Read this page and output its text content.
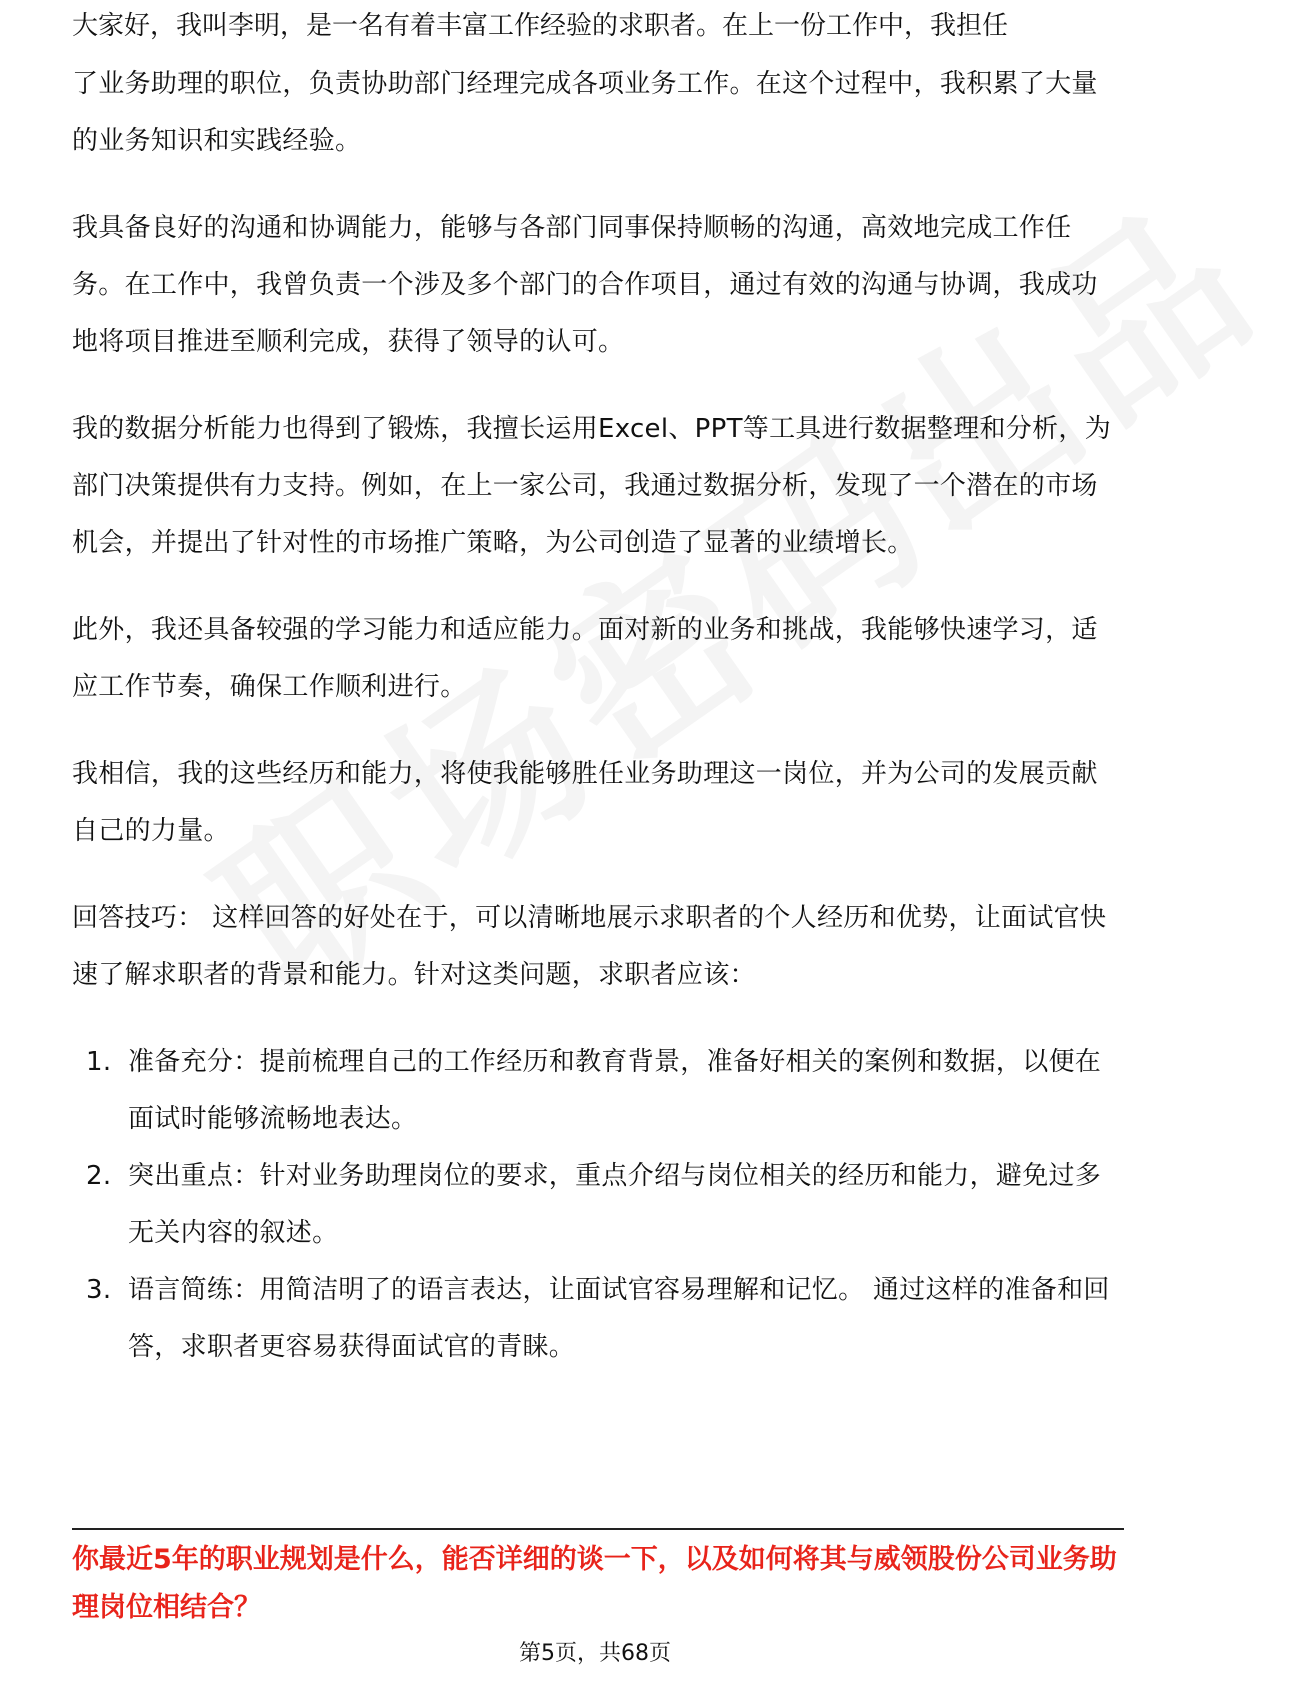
大家好，我叫李明，是一名有着丰富工作经验的求职者。在上一份工作中，我担任

了业务助理的职位，负责协助部门经理完成各项业务工作。在这个过程中，我积累了大量的业务知识和实践经验。

我具备良好的沟通和协调能力，能够与各部门同事保持顺畅的沟通，高效地完成工作任务。在工作中，我曾负责一个涉及多个部门的合作项目，通过有效的沟通与协调，我成功地将项目推进至顺利完成，获得了领导的认可。

我的数据分析能力也得到了锻炼，我擅长运用Excel、PPT等工具进行数据整理和分析，为部门决策提供有力支持。例如，在上一家公司，我通过数据分析，发现了一个潜在的市场机会，并提出了针对性的市场推广策略，为公司创造了显著的业绩增长。

此外，我还具备较强的学习能力和适应能力。面对新的业务和挑战，我能够快速学习，适应工作节奏，确保工作顺利进行。

我相信，我的这些经历和能力，将使我能够胜任业务助理这一岗位，并为公司的发展贡献自己的力量。

回答技巧： 这样回答的好处在于，可以清晰地展示求职者的个人经历和优势，让面试官快速了解求职者的背景和能力。针对这类问题，求职者应该：

1. 准备充分：提前梳理自己的工作经历和教育背景，准备好相关的案例和数据，以便在面试时能够流畅地表达。
2. 突出重点：针对业务助理岗位的要求，重点介绍与岗位相关的经历和能力，避免过多无关内容的叙述。
3. 语言简练：用简洁明了的语言表达，让面试官容易理解和记忆。 通过这样的准备和回答，求职者更容易获得面试官的青睐。
你最近5年的职业规划是什么，能否详细的谈一下，以及如何将其与威领股份公司业务助理岗位相结合？
第5页，共68页
